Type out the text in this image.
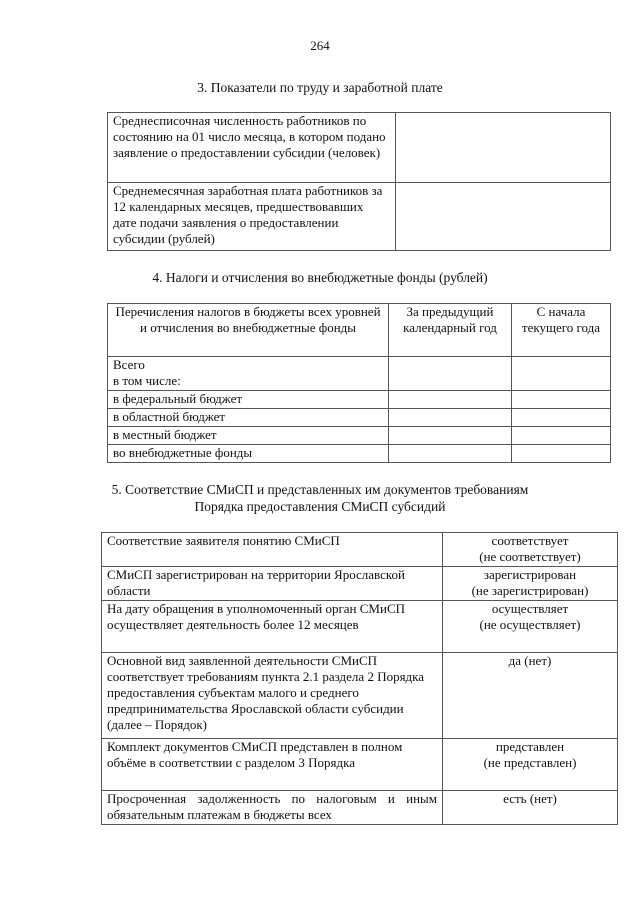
264
3. Показатели по труду и заработной плате
Среднесписочная численность работников по состоянию на 01 число месяца, в котором подано заявление о предоставлении субсидии (человек)	
Среднемесячная заработная плата работников за 12 календарных месяцев, предшествовавших дате подачи заявления о предоставлении субсидии (рублей)	
4. Налоги и отчисления во внебюджетные фонды (рублей)
Перечисления налогов в бюджеты всех уровней и отчисления во внебюджетные фонды	За предыдущий календарный год	С начала текущего года

Всего
в том числе:		

в федеральный бюджет		
в областной бюджет		
в местный бюджет		
во внебюджетные фонды		
5. Соответствие СМиСП и представленных им документов требованиям
Порядка предоставления СМиСП субсидий
Соответствие заявителя понятию СМиСП	соответствует
(не соответствует)

СМиСП зарегистрирован на территории Ярославской области	зарегистрирован
(не зарегистрирован)

На дату обращения в уполномоченный орган СМиСП осуществляет деятельность более 12 месяцев	осуществляет
(не осуществляет)

Основной вид заявленной деятельности СМиСП соответствует требованиям пункта 2.1 раздела 2 Порядка предоставления субъектам малого и среднего предпринимательства Ярославской области субсидии (далее – Порядок)	да (нет)

Комплект документов СМиСП представлен в полном объёме в соответствии с разделом 3 Порядка	представлен
(не представлен)

Просроченная задолженность по налоговым и иным обязательным платежам в бюджеты всех	есть (нет)
